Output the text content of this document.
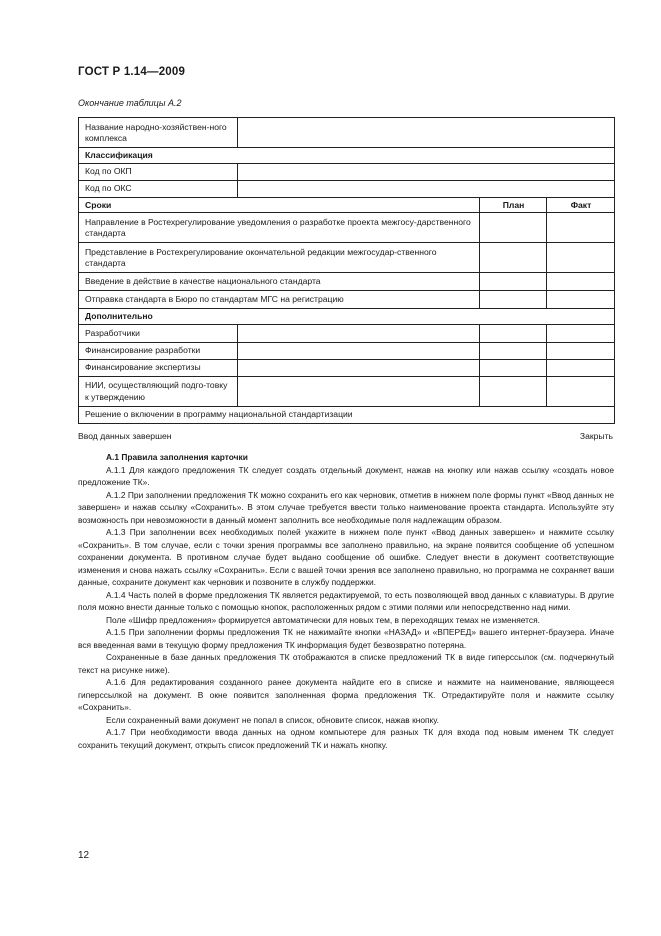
ГОСТ Р 1.14—2009
Окончание таблицы А.2
Название народно-хозяйствен-ного комплекса			
Классификация			
Код по ОКП			
Код по ОКС			
Сроки		План	Факт
Направление в Ростехрегулирование уведомления о разработке проекта межгосу-дарственного стандарта			
Представление в Ростехрегулирование окончательной редакции межгосудар-ственного стандарта			
Введение в действие в качестве национального стандарта			
Отправка стандарта в Бюро по стандартам МГС на регистрацию			
Дополнительно			
Разработчики			
Финансирование разработки			
Финансирование экспертизы			
НИИ, осуществляющий подго-товку к утверждению			
Решение о включении в программу национальной стандартизации			
Ввод данных завершен	Закрыть

А.1 Правила заполнения карточки

А.1.1 Для каждого предложения ТК следует создать отдельный документ, нажав на кнопку или нажав ссылку «создать новое предложение ТК».

А.1.2 При заполнении предложения ТК можно сохранить его как черновик, отметив в нижнем поле формы пункт «Ввод данных не завершен» и нажав ссылку «Сохранить». В этом случае требуется ввести только наименование проекта стандарта. Используйте эту возможность при невозможности в данный момент заполнить все необходимые поля надлежащим образом.

А.1.3 При заполнении всех необходимых полей укажите в нижнем поле пункт «Ввод данных завершен» и нажмите ссылку «Сохранить». В том случае, если с точки зрения программы все заполнено правильно, на экране появится сообщение об успешном сохранении документа. В противном случае будет выдано сообщение об ошибке. Следует внести в документ соответствующие изменения и снова нажать ссылку «Сохранить». Если с вашей точки зрения все заполнено правильно, но программа не сохраняет ваши данные, сохраните документ как черновик и позвоните в службу поддержки.

А.1.4 Часть полей в форме предложения ТК является редактируемой, то есть позволяющей ввод данных с клавиатуры. В другие поля можно внести данные только с помощью кнопок, расположенных рядом с этими полями или непосредственно над ними.

Поле «Шифр предложения» формируется автоматически для новых тем, в переходящих темах не изменяется.

А.1.5 При заполнении формы предложения ТК не нажимайте кнопки «НАЗАД» и «ВПЕРЕД» вашего интернет-браузера. Иначе вся введенная вами в текущую форму предложения ТК информация будет безвозвратно потеряна.

Сохраненные в базе данных предложения ТК отображаются в списке предложений ТК в виде гиперссылок (см. подчеркнутый текст на рисунке ниже).

А.1.6 Для редактирования созданного ранее документа найдите его в списке и нажмите на наименование, являющееся гиперссылкой на документ. В окне появится заполненная форма предложения ТК. Отредактируйте поля и нажмите ссылку «Сохранить».

Если сохраненный вами документ не попал в список, обновите список, нажав кнопку.

А.1.7 При необходимости ввода данных на одном компьютере для разных ТК для входа под новым именем ТК следует сохранить текущий документ, открыть список предложений ТК и нажать кнопку.

12
